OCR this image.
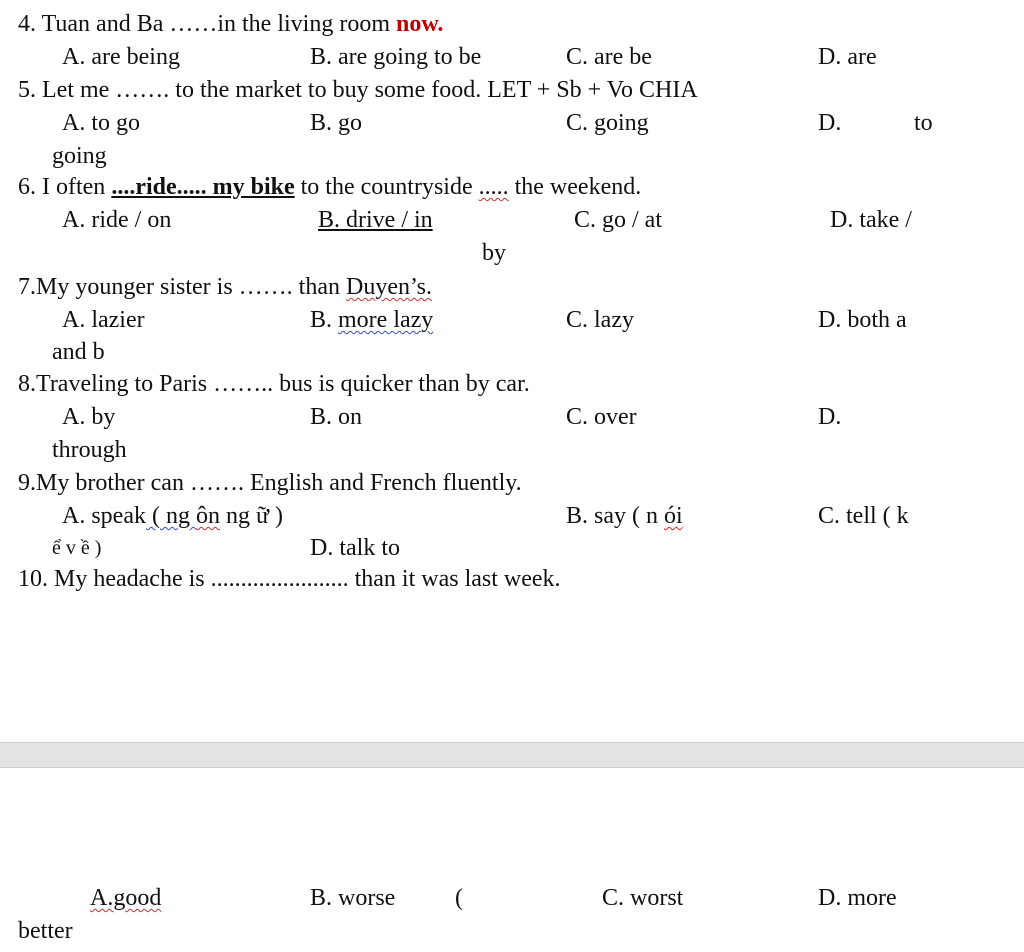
4. Tuan and Ba ……in the living room now.
A. are being	B. are going to be	C. are be	D. are
5. Let me ……. to the market to buy some food. LET + Sb + Vo CHIA
A. to go	B. go	C. going	D.	to
going
6. I often ....ride..... my bike to the countryside ..... the weekend.
A. ride / on	B. drive / in	C. go / at	D. take /
by
7.My younger sister is ……. than Duyen’s.
A. lazier	B. more lazy	C. lazy	D. both a
and b
8.Traveling to Paris …….. bus is quicker than by car.
A. by	B. on	C. over	D.
through
9.My brother can ……. English and French fluently.
A. speak ( ng ôn ng ữ )	B. say ( n ói	C. tell ( k
ể v ề )	D. talk to
10. My headache is ....................... than it was last week.
A.good	B. worse (	C. worst	D. more
better
